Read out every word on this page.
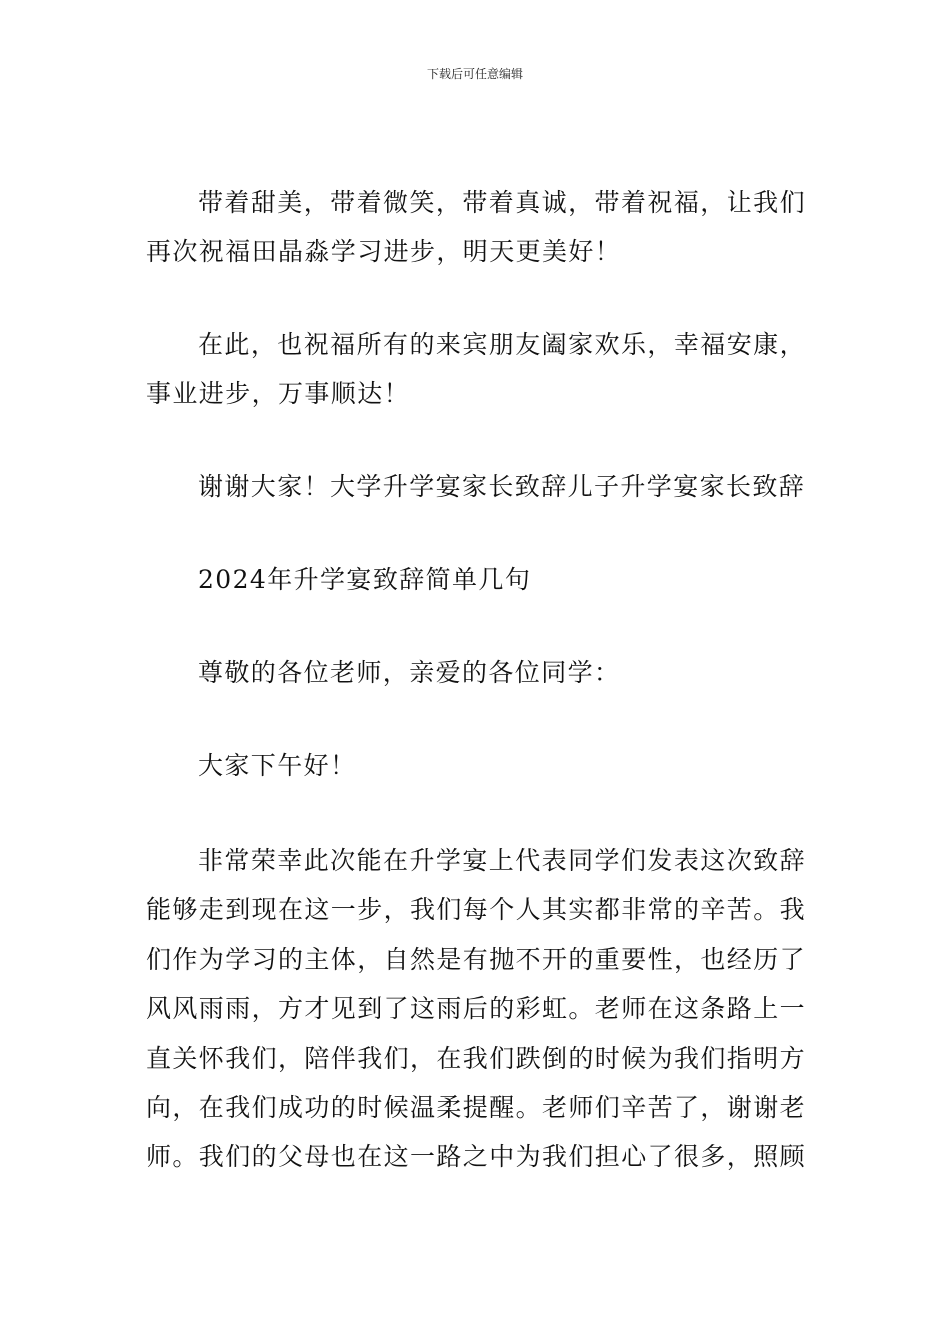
下载后可任意编辑

带着甜美，带着微笑，带着真诚，带着祝福，让我们再次祝福田晶淼学习进步，明天更美好！

在此，也祝福所有的来宾朋友阖家欢乐，幸福安康，事业进步，万事顺达！

谢谢大家！大学升学宴家长致辞儿子升学宴家长致辞

2024年升学宴致辞简单几句

尊敬的各位老师，亲爱的各位同学：

大家下午好！

非常荣幸此次能在升学宴上代表同学们发表这次致辞能够走到现在这一步，我们每个人其实都非常的辛苦。我们作为学习的主体，自然是有抛不开的重要性，也经历了风风雨雨，方才见到了这雨后的彩虹。老师在这条路上一直关怀我们，陪伴我们，在我们跌倒的时候为我们指明方向，在我们成功的时候温柔提醒。老师们辛苦了，谢谢老师。我们的父母也在这一路之中为我们担心了很多，照顾
